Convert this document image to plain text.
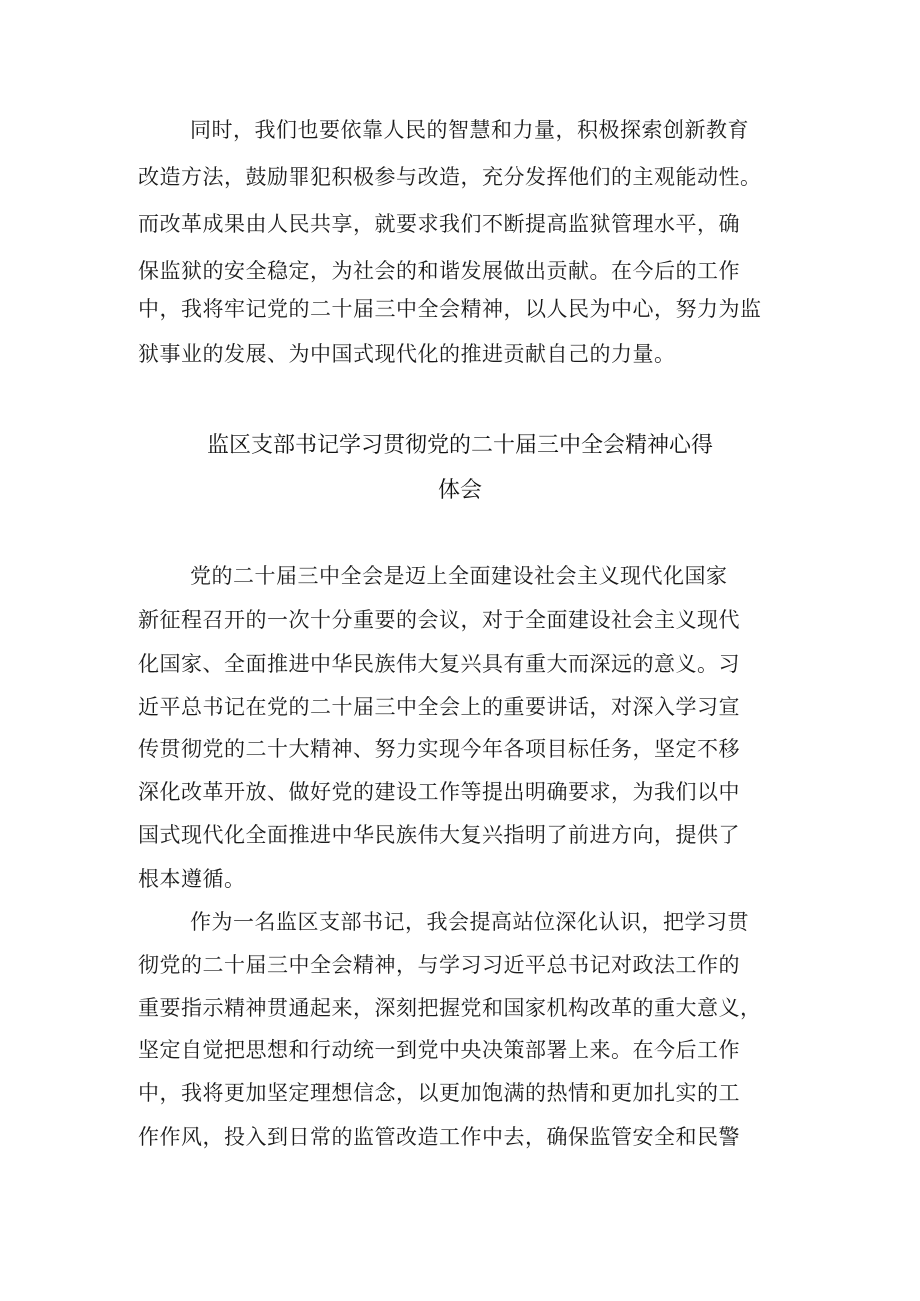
同时，我们也要依靠人民的智慧和力量，积极探索创新教育
改造方法，鼓励罪犯积极参与改造，充分发挥他们的主观能动性。
而改革成果由人民共享，就要求我们不断提高监狱管理水平，确
保监狱的安全稳定，为社会的和谐发展做出贡献。在今后的工作
中，我将牢记党的二十届三中全会精神，以人民为中心，努力为监
狱事业的发展、为中国式现代化的推进贡献自己的力量。
监区支部书记学习贯彻党的二十届三中全会精神心得
体会
党的二十届三中全会是迈上全面建设社会主义现代化国家
新征程召开的一次十分重要的会议，对于全面建设社会主义现代
化国家、全面推进中华民族伟大复兴具有重大而深远的意义。习
近平总书记在党的二十届三中全会上的重要讲话，对深入学习宣
传贯彻党的二十大精神、努力实现今年各项目标任务，坚定不移
深化改革开放、做好党的建设工作等提出明确要求，为我们以中
国式现代化全面推进中华民族伟大复兴指明了前进方向，提供了
根本遵循。
作为一名监区支部书记，我会提高站位深化认识，把学习贯
彻党的二十届三中全会精神，与学习习近平总书记对政法工作的
重要指示精神贯通起来，深刻把握党和国家机构改革的重大意义，
坚定自觉把思想和行动统一到党中央决策部署上来。在今后工作
中，我将更加坚定理想信念，以更加饱满的热情和更加扎实的工
作作风，投入到日常的监管改造工作中去，确保监管安全和民警
